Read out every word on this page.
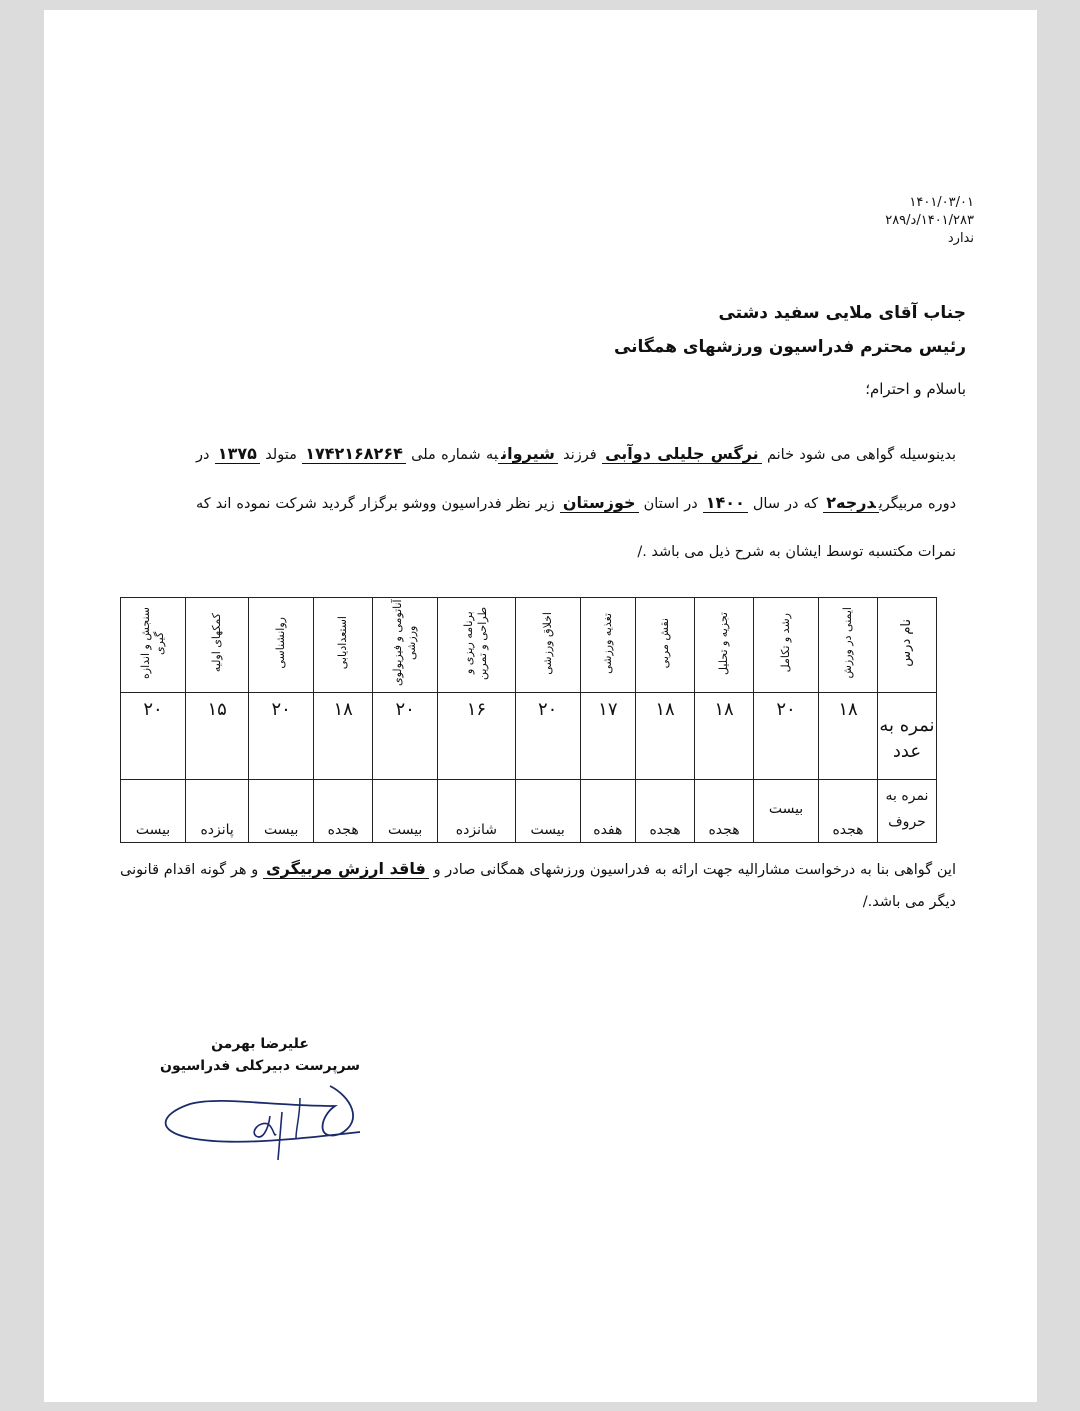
۱۴۰۱/۰۳/۰۱
۱۴۰۱/۲۸۳/د/۲۸۹
ندارد
جناب آقای ملایی سفید دشتی
رئیس محترم فدراسیون ورزشهای همگانی
باسلام و احترام؛
بدینوسیله گواهی می شود خانم نرگس جلیلی دوآبی فرزند شیروانبه شماره ملی ۱۷۴۲۱۶۸۲۶۴ متولد ۱۳۷۵ در دوره مربیگریدرجه۲ که در سال ۱۴۰۰ در استان خوزستان زیر نظر فدراسیون ووشو برگزار گردید شرکت نموده اند که نمرات مکتسبه توسط ایشان به شرح ذیل می باشد ./
نام درس	ایمنی در ورزش	رشد و تکامل	تجزیه و تحلیل	نقش مربی	تغذیه ورزشی	اخلاق ورزشی	برنامه ریزی و طراحی و تمرین	آناتومی و فیزیولوی ورزشی	استعدادیابی	روانشناسی	کمکهای اولیه	سنجش و اندازه گیری
نمره به عدد	۱۸	۲۰	۱۸	۱۸	۱۷	۲۰	۱۶	۲۰	۱۸	۲۰	۱۵	۲۰
نمره به حروف	هجده	بیست	هجده	هجده	هفده	بیست	شانزده	بیست	هجده	بیست	پانزده	بیست
این گواهی بنا به درخواست مشارالیه جهت ارائه به فدراسیون ورزشهای همگانی صادر و فاقد ارزش مربیگری و هر گونه اقدام قانونی دیگر می باشد./
علیرضا بهرمن
سرپرست دبیرکلی فدراسیون
